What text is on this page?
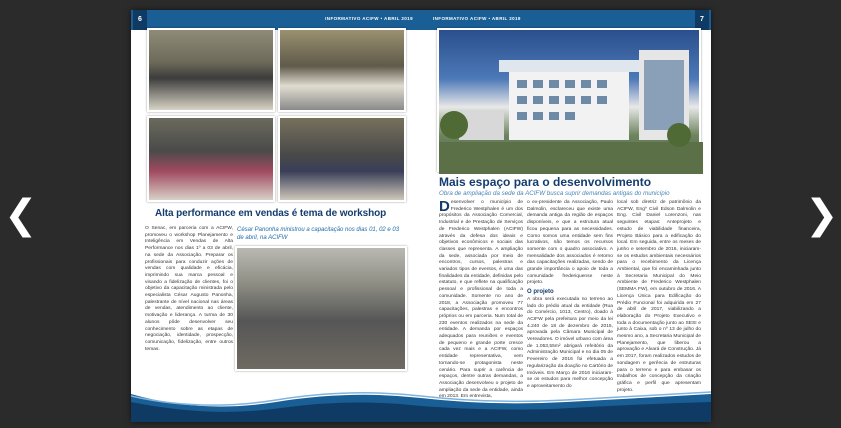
❮	❯
6	INFORMATIVO ACIFW • ABRIL 2019
Alta performance em vendas é tema de workshop
O Senac, em parceria com a ACIFW, promoveu o workshop Planejamento e Inteligência em Vendas de Alta Performance nos dias 1º a 03 de abril, na sede da Associação. Preparar os profissionais para conduzir ações de vendas com qualidade e eficácia, imprimindo sua marca pessoal e visando a fidelização de clientes, foi o objetivo da capacitação ministrada pelo especialista César Augusto Panonha, palestrante de nível nacional nas áreas de vendas, atendimento ao cliente, motivação e liderança. A turma de 30 alunos pôde desenvolver seu conhecimento sobre as etapas de negociação, identidade, prospecção, comunicação, fidelização, entre outros temas.
César Panonha ministrou a capacitação nos dias 01, 02 e 03 de abril, na ACIFW
INFORMATIVO ACIFW • ABRIL 2019	7
Mais espaço para o desenvolvimento
Obra de ampliação da sede da ACIFW busca suprir demandas antigas do município
Desenvolver o município de Frederico Westphalen é um dos propósitos da Associação Comercial, Industrial e de Prestação de Serviços de Frederico Westphalen (ACIFW) através da defesa dos ideais e objetivos econômicos e sociais das classes que representa. A ampliação da sede, associada por meio de encontros, cursos, palestras e variados tipos de eventos, é uma das finalidades da entidade, definidas pelo estatuto, e que reflete na qualificação pessoal e profissional de toda a comunidade. Somente no ano de 2018, a Associação promoveu 77 capacitações, palestras e encontros próprios ou em parceria. Num total de 230 eventos realizados na sede da entidade. A demanda por espaços adequados para reuniões e eventos de pequeno e grande porte cresce cada vez mais e a ACIFW, como entidade representativa, vem tornando-se protagonista neste cenário. Para suprir a carência de espaços, dentre outras demandas, a Associação desenvolveu o projeto de ampliação da sede da entidade, ainda em 2013. Em entrevista,
o ex-presidente da Associação, Paulo Dalmolin, esclareceu que existe uma demanda antiga da região de espaços disponíveis, e que a estrutura atual ficou pequena para as necessidades. Como somos uma entidade sem fins lucrativos, não temos os recursos somente com o quadro associativo. A mensalidade dos associados é retorno das capacitações realizadas, sendo de grande importância o apoio de toda a comunidade frederiquense neste projeto.
O projeto
A obra será executada no terreno ao lado do prédio atual da entidade (Rua do Comércio, 1013, Centro), doado à ACIFW pela prefeitura por meio da lei 4.240 de 18 de dezembro de 2015, aprovada pela Câmara Municipal de Vereadores. O imóvel urbano com área de 1.053,55m² abrigará refeitório da Administração Municipal e no dia 05 de Fevereiro de 2016 foi efetuada a regularização da doação no Cartório de Imóveis. Em Março de 2016 iniciaram-se os estudos para melhor concepção e aproveitamento do
local sob diretriz de patrimônio da ACIFW, Engº Civil Edson Dalmolin e Eng. Civil Daniel Lorenzoni, nas seguintes etapas: Anteprojeto e estudo de viabilidade financeira, Projeto Básico para a edificação do local. Em seguida, entre os meses de junho e setembro de 2016, iniciaram-se os estudos ambientais necessários para o recebimento da Licença Ambiental, que foi encaminhada junto à Secretaria Municipal do Meio Ambiente de Frederico Westphalen (SEMMA FW), em outubro de 2016. A Licença Única para Edificação do Prédio Funcional foi adquirida em 27 de abril de 2017, viabilizando a elaboração do Projeto Executivo e toda a documentação junto ao SESI e junto à Caixa, sob o nº 13 de julho do mesmo ano, a Secretaria Municipal de Planejamento, que liberou a aprovação e Alvará de Construção. Já em 2017, foram realizados estudos de sondagem e gerência de estruturas para o terreno e para embasar os trabalhos de concepção da criação gráfica e perfil que apresentam projeto.
